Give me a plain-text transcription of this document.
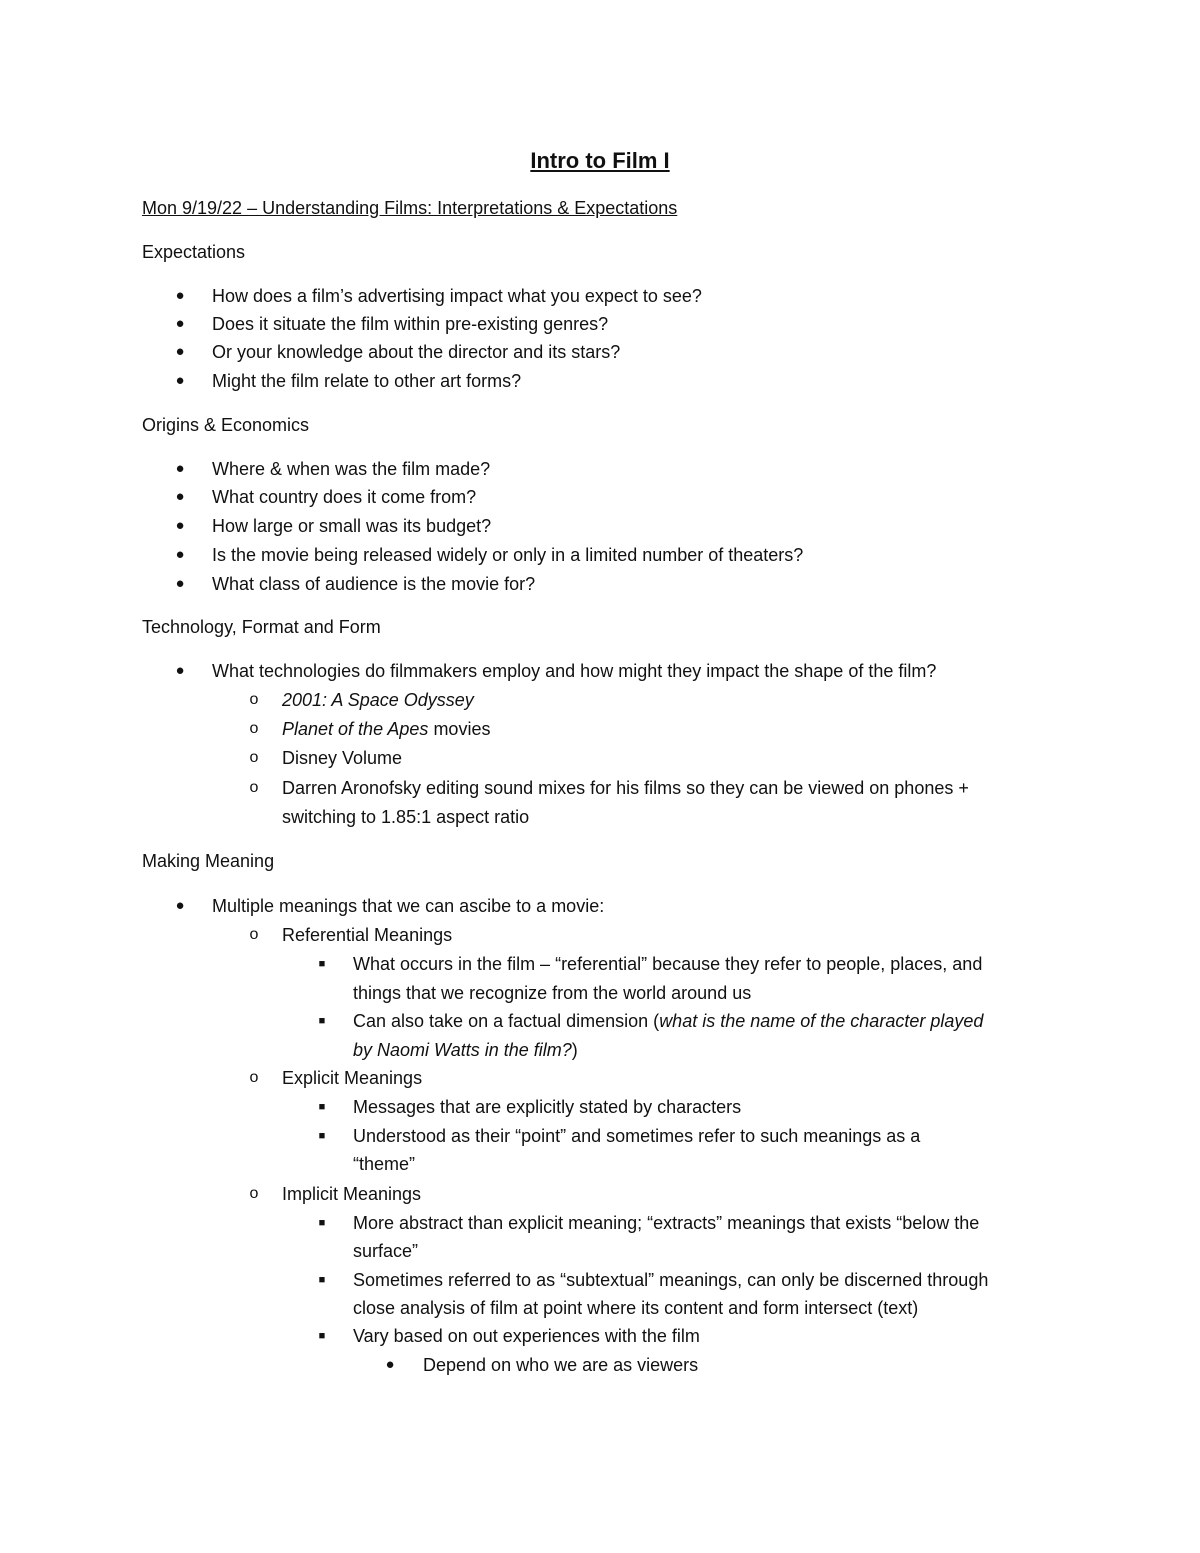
Intro to Film I
Mon 9/19/22 – Understanding Films: Interpretations & Expectations
Expectations
●	How does a film’s advertising impact what you expect to see?
●	Does it situate the film within pre-existing genres?
●	Or your knowledge about the director and its stars?
●	Might the film relate to other art forms?
Origins & Economics
●	Where & when was the film made?
●	What country does it come from?
●	How large or small was its budget?
●	Is the movie being released widely or only in a limited number of theaters?
●	What class of audience is the movie for?
Technology, Format and Form
●	What technologies do filmmakers employ and how might they impact the shape of the film?
o	2001: A Space Odyssey
o	Planet of the Apes movies
o	Disney Volume
o	Darren Aronofsky editing sound mixes for his films so they can be viewed on phones +
switching to 1.85:1 aspect ratio
Making Meaning
●	Multiple meanings that we can ascibe to a movie:
o	Referential Meanings
■	What occurs in the film – “referential” because they refer to people, places, and
things that we recognize from the world around us
■	Can also take on a factual dimension (what is the name of the character played
by Naomi Watts in the film?)
o	Explicit Meanings
■	Messages that are explicitly stated by characters
■	Understood as their “point” and sometimes refer to such meanings as a
“theme”
o	Implicit Meanings
■	More abstract than explicit meaning; “extracts” meanings that exists “below the
surface”
■	Sometimes referred to as “subtextual” meanings, can only be discerned through
close analysis of film at point where its content and form intersect (text)
■	Vary based on out experiences with the film
●	Depend on who we are as viewers
